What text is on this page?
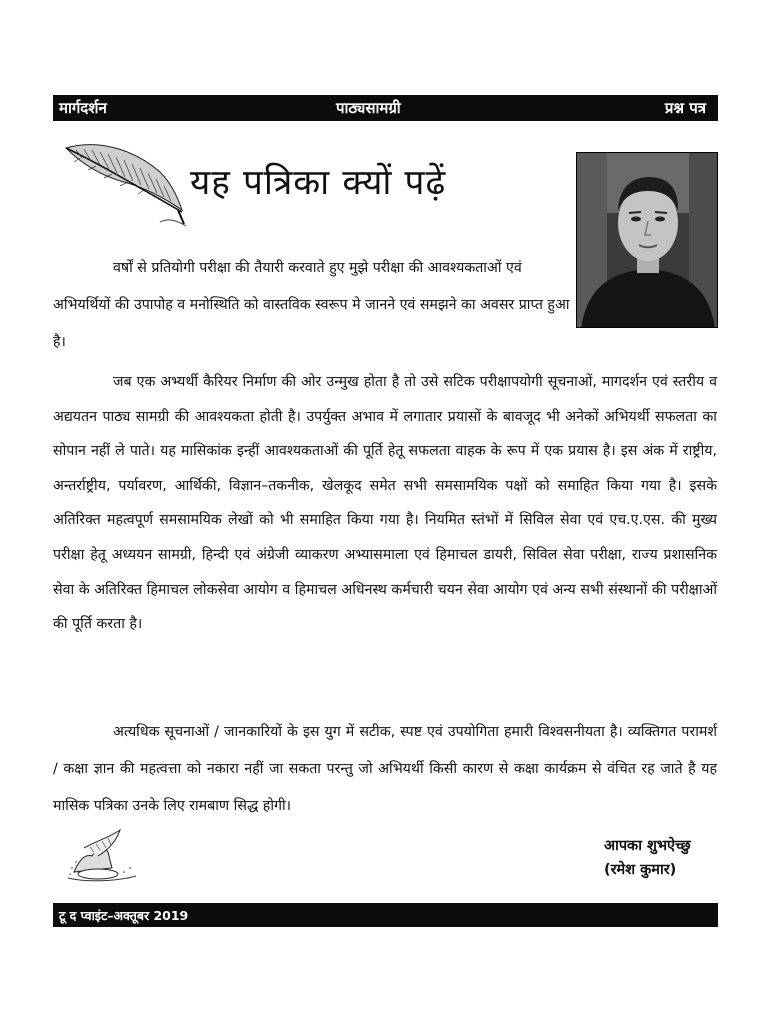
मार्गदर्शन	पाठ्यसामग्री	प्रश्न पत्र
यह पत्रिका क्यों पढ़ें

वर्षों से प्रतियोगी परीक्षा की तैयारी करवाते हुए मुझे परीक्षा की आवश्यकताओं एवं अभियर्थियों की उपापोह व मनोस्थिति को वास्तविक स्वरूप मे जानने एवं समझने का अवसर प्राप्त हुआ है।

जब एक अभ्यर्थी कैरियर निर्माण की ओर उन्मुख होता है तो उसे सटिक परीक्षापयोगी सूचनाओं, मागदर्शन एवं स्तरीय व अद्ययतन पाठ्य सामग्री की आवश्यकता होती है। उपर्युक्त अभाव में लगातार प्रयासों के बावजूद भी अनेकों अभियर्थी सफलता का सोपान नहीं ले पाते। यह मासिकांक इन्हीं आवश्यकताओं की पूर्ति हेतू सफलता वाहक के रूप में एक प्रयास है। इस अंक में राष्ट्रीय, अन्तर्राष्ट्रीय, पर्यावरण, आर्थिकी, विज्ञान–तकनीक, खेलकूद समेत सभी समसामयिक पक्षों को समाहित किया गया है। इसके अतिरिक्त महत्वपूर्ण समसामयिक लेखों को भी समाहित किया गया है। नियमित स्तंभों में सिविल सेवा एवं एच.ए.एस. की मुख्य परीक्षा हेतू अध्ययन सामग्री, हिन्दी एवं अंग्रेजी व्याकरण अभ्यासमाला एवं हिमाचल डायरी, सिविल सेवा परीक्षा, राज्य प्रशासनिक सेवा के अतिरिक्त हिमाचल लोकसेवा आयोग व हिमाचल अधिनस्थ कर्मचारी चयन सेवा आयोग एवं अन्य सभी संस्थानों की परीक्षाओं की पूर्ति करता है।

अत्यधिक सूचनाओं / जानकारियों के इस युग में सटीक, स्पष्ट एवं उपयोगिता हमारी विश्वसनीयता है। व्यक्तिगत परामर्श / कक्षा ज्ञान की महत्वत्ता को नकारा नहीं जा सकता परन्तु जो अभियर्थी किसी कारण से कक्षा कार्यक्रम से वंचित रह जाते है यह मासिक पत्रिका उनके लिए रामबाण सिद्ध होगी।

आपका शुभऐच्छु
(रमेश कुमार)
टू द प्वाइंट–अक्तूबर 2019
